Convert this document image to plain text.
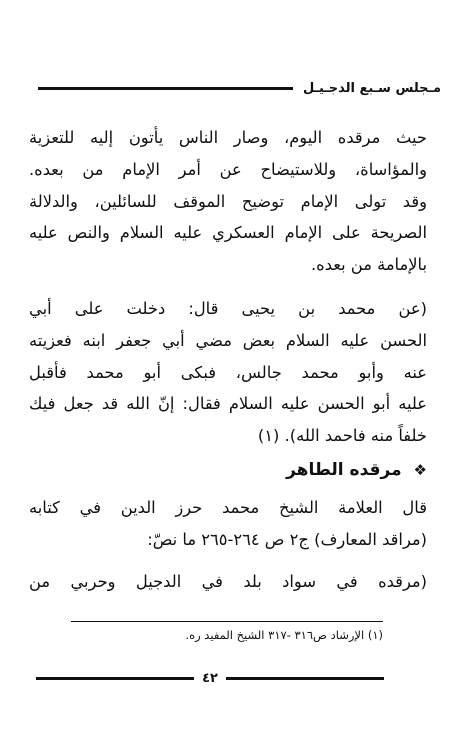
مـجلس سـبع الدجـيـل
حيث مرقده اليوم، وصار الناس يأتون إليه للتعزية
والمؤاساة، وللاستيضاح عن أمر الإمام من بعده.
وقد تولى الإمام توضيح الموقف للسائلين، والدلالة
الصريحة على الإمام العسكري عليه السلام والنص عليه
بالإمامة من بعده.
(عن محمد بن يحيى قال: دخلت على أبي
الحسن عليه السلام بعض مضي أبي جعفر ابنه فعزيته
عنه وأبو محمد جالس، فبكى أبو محمد فأقبل
عليه أبو الحسن عليه السلام فقال: إنّ الله قد جعل فيك
خلفاً منه فاحمد الله). (١)
❖ مرقده الطاهر
قال العلامة الشيخ محمد حرز الدين في كتابه
(مراقد المعارف) ج٢ ص ٢٦٤-٢٦٥ ما نصّ:
(مرقده في سواد بلد في الدجيل وحربي من
(١) الإرشاد ص٣١٦ -٣١٧ الشيخ المفيد ره.
٤٢
